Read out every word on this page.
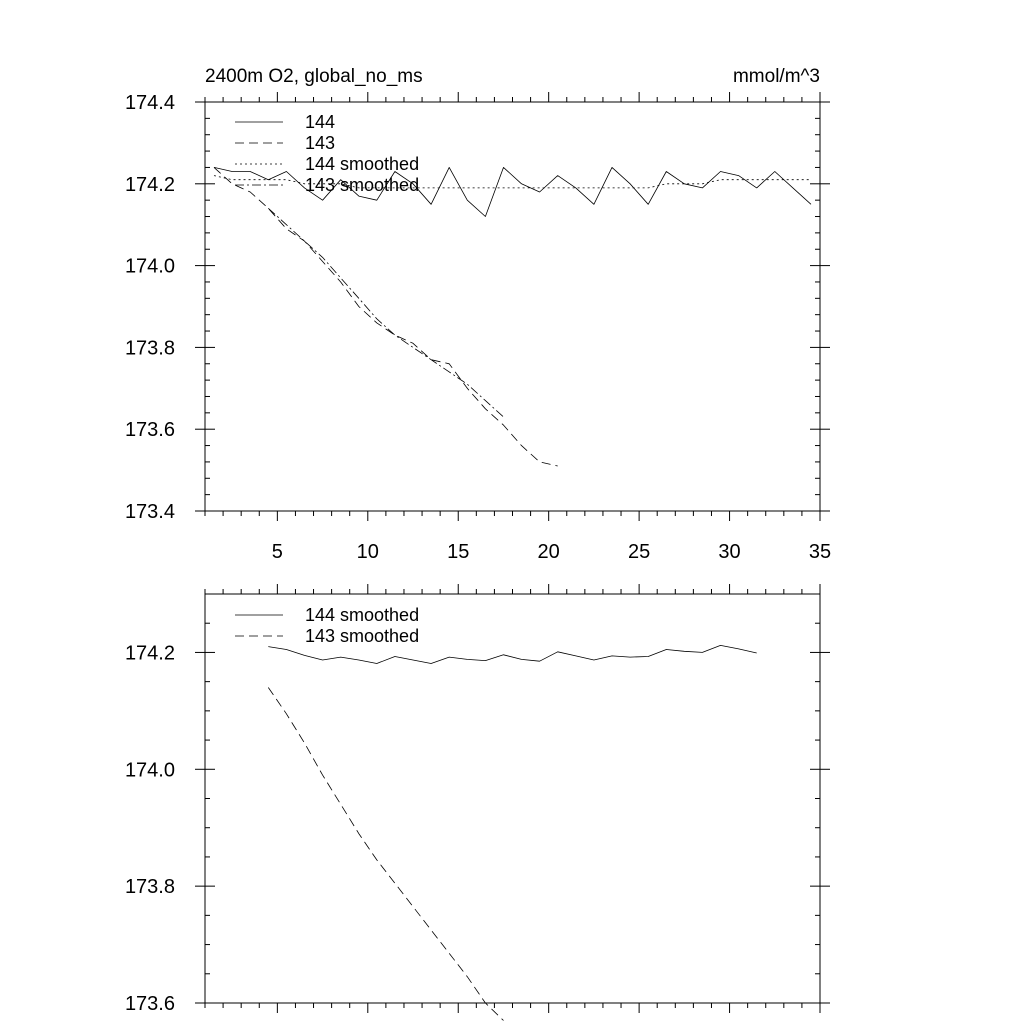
5	10	15	20	25	30	35
173.4
173.6
173.8
174.0
174.2
174.4
2400m O2, global_no_ms	mmol/m^3
144
143
144 smoothed
143 smoothed
173.6
173.8
174.0
174.2
144 smoothed
143 smoothed
